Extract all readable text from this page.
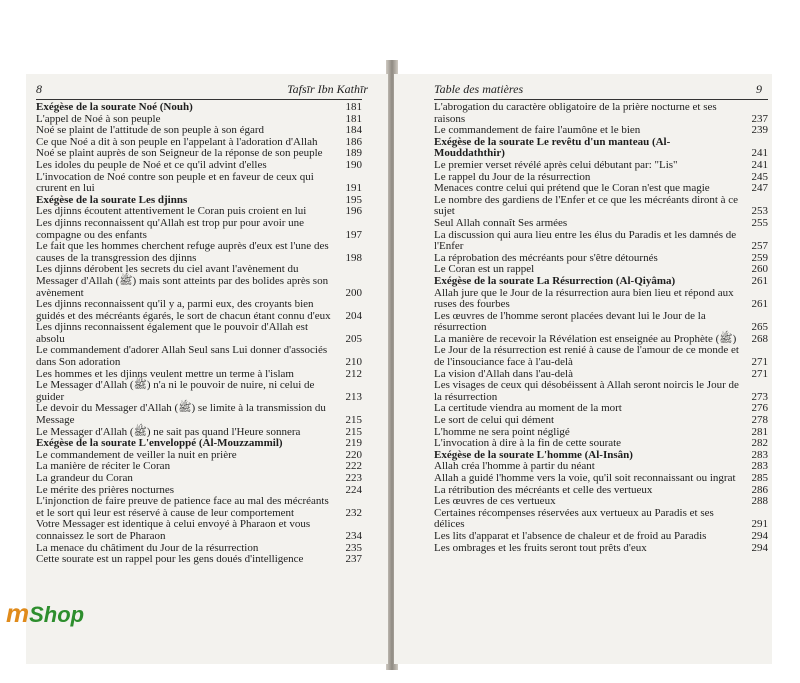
8	Tafsīr Ibn Kathīr
Exégèse de la sourate Noé (Nouh)	181
L'appel de Noé à son peuple	181
Noé se plaint de l'attitude de son peuple à son égard	184
Ce que Noé a dit à son peuple en l'appelant à l'adoration d'Allah	186
Noé se plaint auprès de son Seigneur de la réponse de son peuple	189
Les idoles du peuple de Noé et ce qu'il advint d'elles	190
L'invocation de Noé contre son peuple et en faveur de ceux qui crurent en lui	191
Exégèse de la sourate Les djinns	195
Les djinns écoutent attentivement le Coran puis croient en lui	196
Les djinns reconnaissent qu'Allah est trop pur pour avoir une compagne ou des enfants	197
Le fait que les hommes cherchent refuge auprès d'eux est l'une des causes de la transgression des djinns	198
Les djinns dérobent les secrets du ciel avant l'avènement du Messager d'Allah (ﷺ) mais sont atteints par des bolides après son avènement	200
Les djinns reconnaissent qu'il y a, parmi eux, des croyants bien guidés et des mécréants égarés, le sort de chacun étant connu d'eux	204
Les djinns reconnaissent également que le pouvoir d'Allah est absolu	205
Le commandement d'adorer Allah Seul sans Lui donner d'associés dans Son adoration	210
Les hommes et les djinns veulent mettre un terme à l'islam	212
Le Messager d'Allah (ﷺ) n'a ni le pouvoir de nuire, ni celui de guider	213
Le devoir du Messager d'Allah (ﷺ) se limite à la transmission du Message	215
Le Messager d'Allah (ﷺ) ne sait pas quand l'Heure sonnera	215
Exégèse de la sourate L'enveloppé (Al-Mouzzammil)	219
Le commandement de veiller la nuit en prière	220
La manière de réciter le Coran	222
La grandeur du Coran	223
Le mérite des prières nocturnes	224
L'injonction de faire preuve de patience face au mal des mécréants et le sort qui leur est réservé à cause de leur comportement	232
Votre Messager est identique à celui envoyé à Pharaon et vous connaissez le sort de Pharaon	234
La menace du châtiment du Jour de la résurrection	235
Cette sourate est un rappel pour les gens doués d'intelligence	237
Table des matières	9
L'abrogation du caractère obligatoire de la prière nocturne et ses raisons	237
Le commandement de faire l'aumône et le bien	239
Exégèse de la sourate Le revêtu d'un manteau (Al-Mouddaththir)	241
Le premier verset révélé après celui débutant par: "Lis"	241
Le rappel du Jour de la résurrection	245
Menaces contre celui qui prétend que le Coran n'est que magie	247
Le nombre des gardiens de l'Enfer et ce que les mécréants diront à ce sujet	253
Seul Allah connaît Ses armées	255
La discussion qui aura lieu entre les élus du Paradis et les damnés de l'Enfer	257
La réprobation des mécréants pour s'être détournés	259
Le Coran est un rappel	260
Exégèse de la sourate La Résurrection (Al-Qiyâma)	261
Allah jure que le Jour de la résurrection aura bien lieu et répond aux ruses des fourbes	261
Les œuvres de l'homme seront placées devant lui le Jour de la résurrection	265
La manière de recevoir la Révélation est enseignée au Prophète (ﷺ)	268
Le Jour de la résurrection est renié à cause de l'amour de ce monde et de l'insouciance face à l'au-delà	271
La vision d'Allah dans l'au-delà	271
Les visages de ceux qui désobéissent à Allah seront noircis le Jour de la résurrection	273
La certitude viendra au moment de la mort	276
Le sort de celui qui dément	278
L'homme ne sera point négligé	281
L'invocation à dire à la fin de cette sourate	282
Exégèse de la sourate L'homme (Al-Insân)	283
Allah créa l'homme à partir du néant	283
Allah a guidé l'homme vers la voie, qu'il soit reconnaissant ou ingrat	285
La rétribution des mécréants et celle des vertueux	286
Les œuvres de ces vertueux	288
Certaines récompenses réservées aux vertueux au Paradis et ses délices	291
Les lits d'apparat et l'absence de chaleur et de froid au Paradis	294
Les ombrages et les fruits seront tout prêts d'eux	294
mShop
